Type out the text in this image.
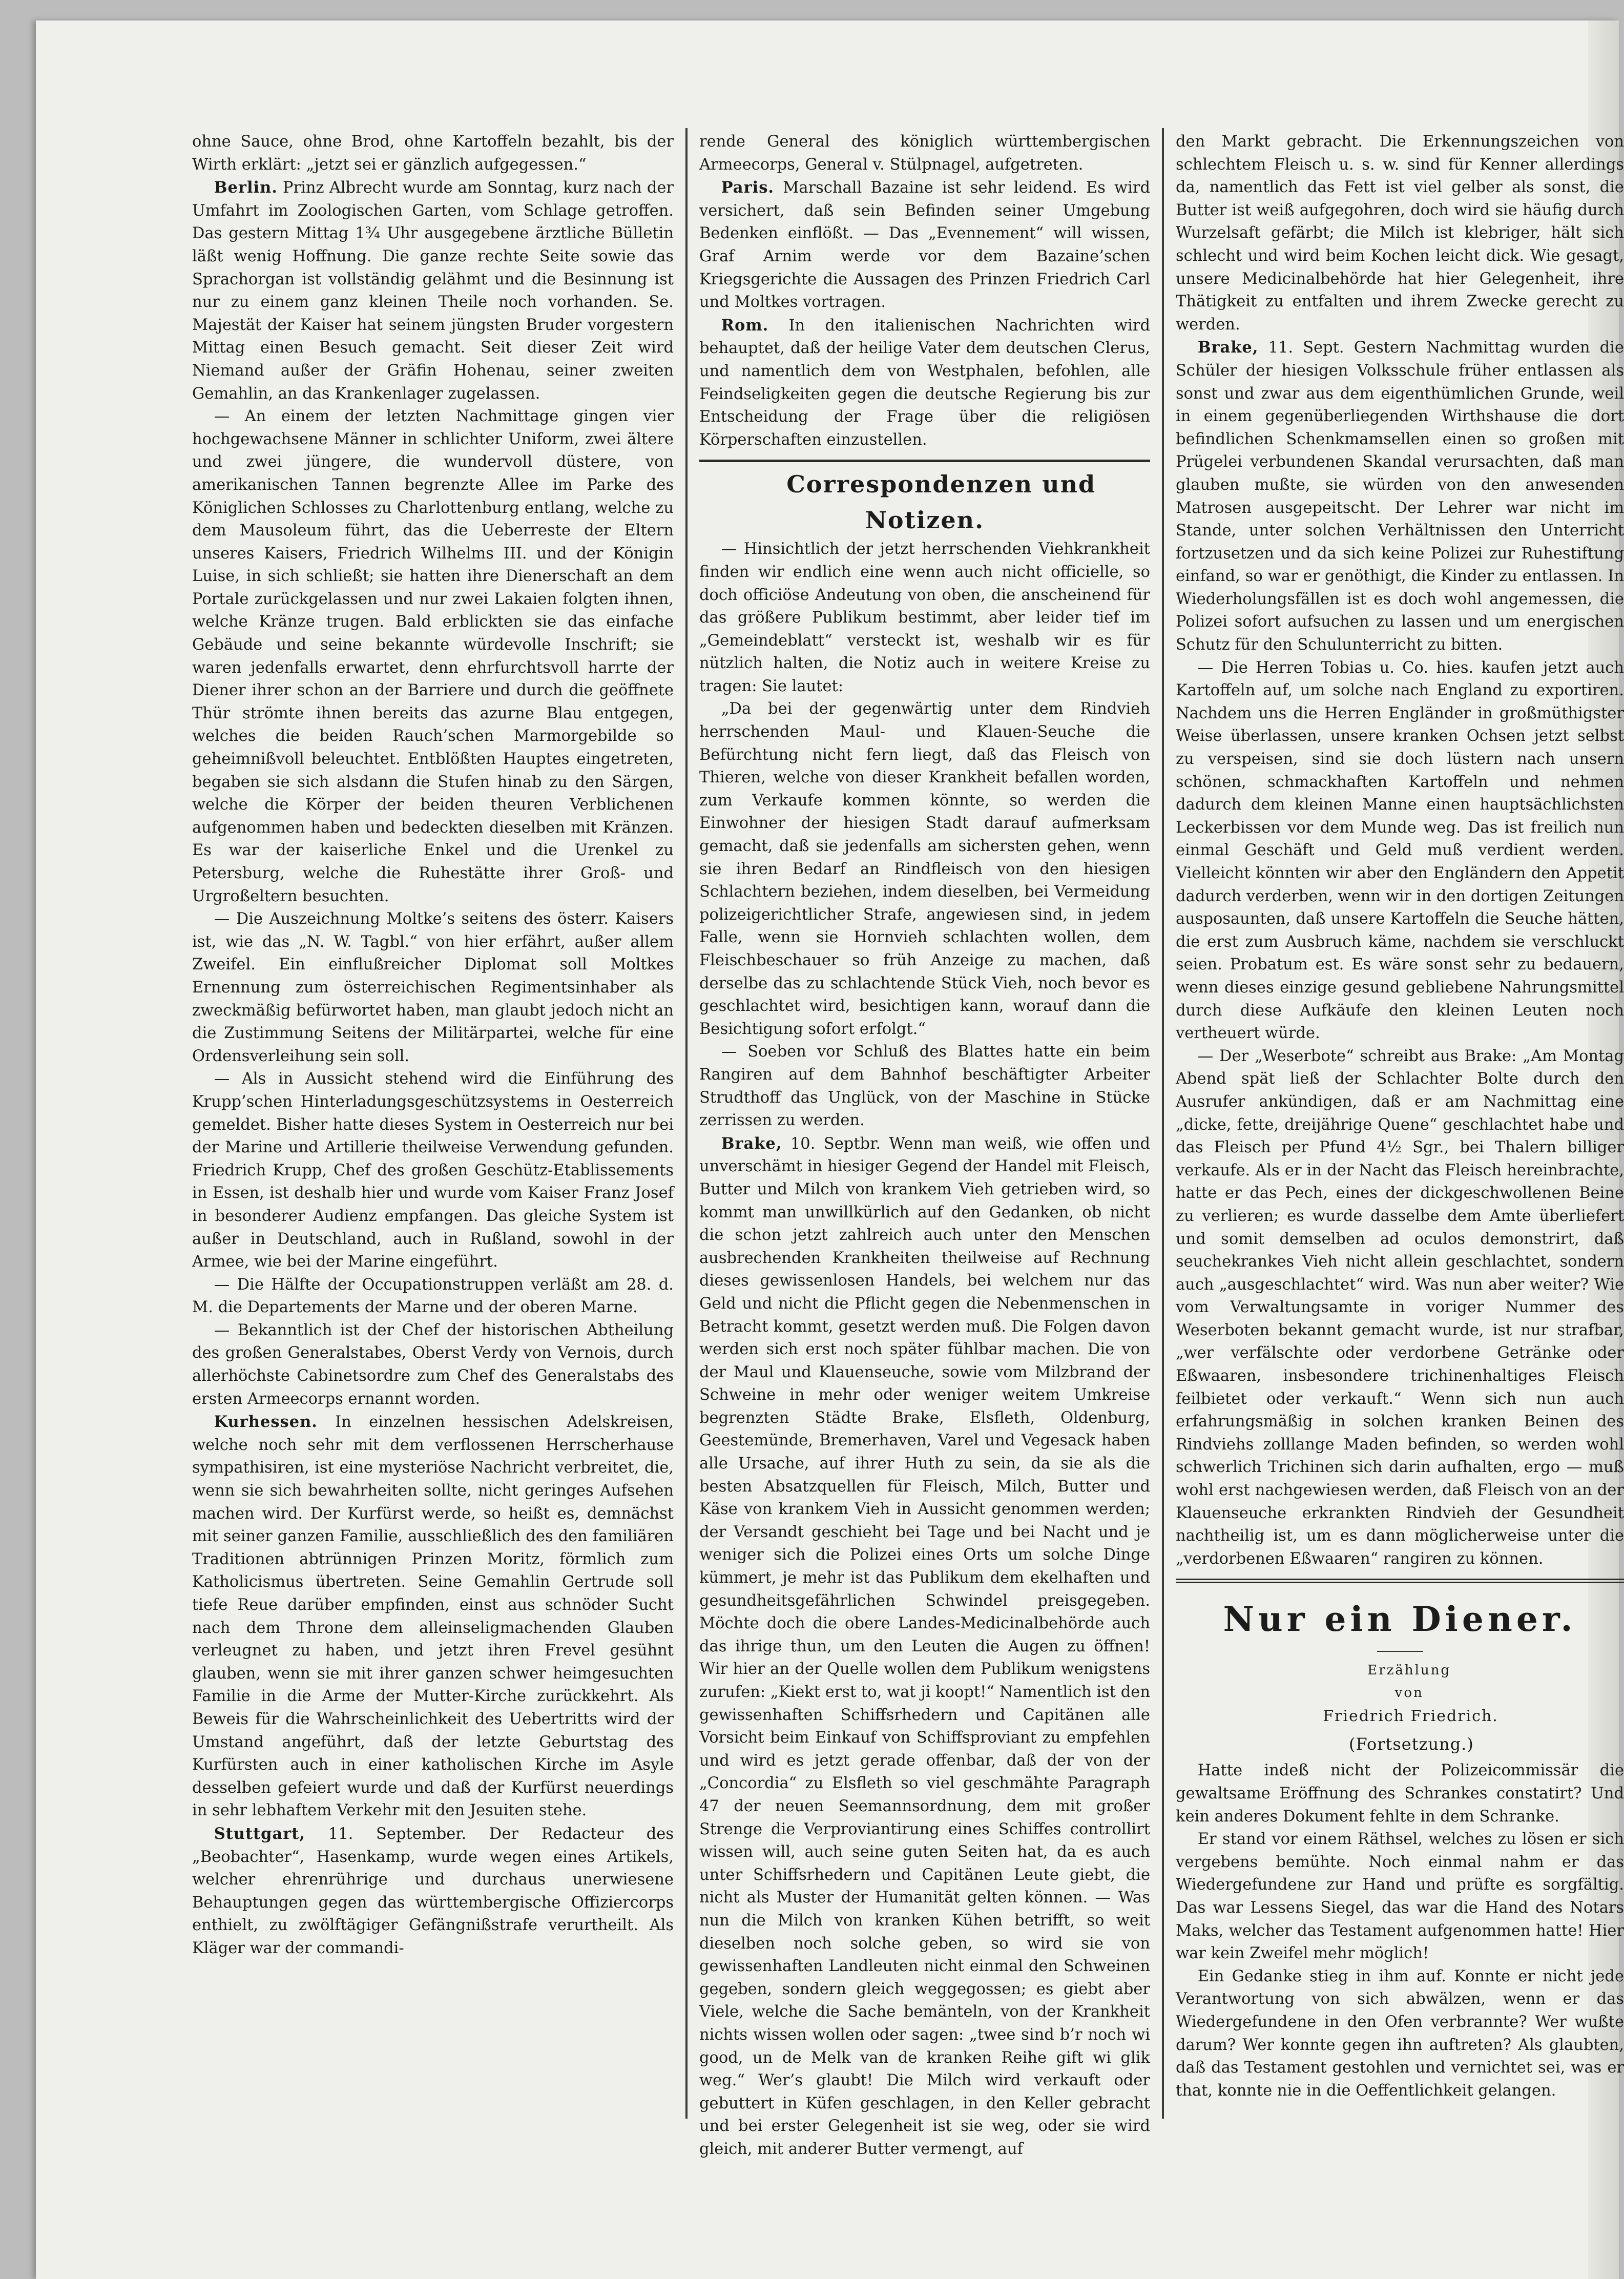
ohne Sauce, ohne Brod, ohne Kartoffeln bezahlt, bis der Wirth erklärt: „jetzt sei er gänzlich aufgegessen.“

Berlin. Prinz Albrecht wurde am Sonntag, kurz nach der Umfahrt im Zoologischen Garten, vom Schlage getroffen. Das gestern Mittag 1¾ Uhr ausgegebene ärztliche Bülletin läßt wenig Hoffnung. Die ganze rechte Seite sowie das Sprachorgan ist vollständig gelähmt und die Besinnung ist nur zu einem ganz kleinen Theile noch vorhanden. Se. Majestät der Kaiser hat seinem jüngsten Bruder vorgestern Mittag einen Besuch gemacht. Seit dieser Zeit wird Niemand außer der Gräfin Hohenau, seiner zweiten Gemahlin, an das Krankenlager zugelassen.

— An einem der letzten Nachmittage gingen vier hochgewachsene Männer in schlichter Uniform, zwei ältere und zwei jüngere, die wundervoll düstere, von amerikanischen Tannen begrenzte Allee im Parke des Königlichen Schlosses zu Charlottenburg entlang, welche zu dem Mausoleum führt, das die Ueberreste der Eltern unseres Kaisers, Friedrich Wilhelms III. und der Königin Luise, in sich schließt; sie hatten ihre Dienerschaft an dem Portale zurückgelassen und nur zwei Lakaien folgten ihnen, welche Kränze trugen. Bald erblickten sie das einfache Gebäude und seine bekannte würdevolle Inschrift; sie waren jedenfalls erwartet, denn ehrfurchtsvoll harrte der Diener ihrer schon an der Barriere und durch die geöffnete Thür strömte ihnen bereits das azurne Blau entgegen, welches die beiden Rauch’schen Marmorgebilde so geheimnißvoll beleuchtet. Entblößten Hauptes eingetreten, begaben sie sich alsdann die Stufen hinab zu den Särgen, welche die Körper der beiden theuren Verblichenen aufgenommen haben und bedeckten dieselben mit Kränzen. Es war der kaiserliche Enkel und die Urenkel zu Petersburg, welche die Ruhestätte ihrer Groß- und Urgroßeltern besuchten.

— Die Auszeichnung Moltke’s seitens des österr. Kaisers ist, wie das „N. W. Tagbl.“ von hier erfährt, außer allem Zweifel. Ein einflußreicher Diplomat soll Moltkes Ernennung zum österreichischen Regimentsinhaber als zweckmäßig befürwortet haben, man glaubt jedoch nicht an die Zustimmung Seitens der Militärpartei, welche für eine Ordensverleihung sein soll.

— Als in Aussicht stehend wird die Einführung des Krupp’schen Hinterladungsgeschützsystems in Oesterreich gemeldet. Bisher hatte dieses System in Oesterreich nur bei der Marine und Artillerie theilweise Verwendung gefunden. Friedrich Krupp, Chef des großen Geschütz-Etablissements in Essen, ist deshalb hier und wurde vom Kaiser Franz Josef in besonderer Audienz empfangen. Das gleiche System ist außer in Deutschland, auch in Rußland, sowohl in der Armee, wie bei der Marine eingeführt.

— Die Hälfte der Occupationstruppen verläßt am 28. d. M. die Departements der Marne und der oberen Marne.

— Bekanntlich ist der Chef der historischen Abtheilung des großen Generalstabes, Oberst Verdy von Vernois, durch allerhöchste Cabinetsordre zum Chef des Generalstabs des ersten Armeecorps ernannt worden.

Kurhessen. In einzelnen hessischen Adelskreisen, welche noch sehr mit dem verflossenen Herrscherhause sympathisiren, ist eine mysteriöse Nachricht verbreitet, die, wenn sie sich bewahrheiten sollte, nicht geringes Aufsehen machen wird. Der Kurfürst werde, so heißt es, demnächst mit seiner ganzen Familie, ausschließlich des den familiären Traditionen abtrünnigen Prinzen Moritz, förmlich zum Katholicismus übertreten. Seine Gemahlin Gertrude soll tiefe Reue darüber empfinden, einst aus schnöder Sucht nach dem Throne dem alleinseligmachenden Glauben verleugnet zu haben, und jetzt ihren Frevel gesühnt glauben, wenn sie mit ihrer ganzen schwer heimgesuchten Familie in die Arme der Mutter-Kirche zurückkehrt. Als Beweis für die Wahrscheinlichkeit des Uebertritts wird der Umstand angeführt, daß der letzte Geburtstag des Kurfürsten auch in einer katholischen Kirche im Asyle desselben gefeiert wurde und daß der Kurfürst neuerdings in sehr lebhaftem Verkehr mit den Jesuiten stehe.

Stuttgart, 11. September. Der Redacteur des „Beobachter“, Hasenkamp, wurde wegen eines Artikels, welcher ehrenrührige und durchaus unerwiesene Behauptungen gegen das württembergische Offiziercorps enthielt, zu zwölftägiger Gefängnißstrafe verurtheilt. Als Kläger war der commandi-

rende General des königlich württembergischen Armeecorps, General v. Stülpnagel, aufgetreten.

Paris. Marschall Bazaine ist sehr leidend. Es wird versichert, daß sein Befinden seiner Umgebung Bedenken einflößt. — Das „Evennement“ will wissen, Graf Arnim werde vor dem Bazaine’schen Kriegsgerichte die Aussagen des Prinzen Friedrich Carl und Moltkes vortragen.

Rom. In den italienischen Nachrichten wird behauptet, daß der heilige Vater dem deutschen Clerus, und namentlich dem von Westphalen, befohlen, alle Feindseligkeiten gegen die deutsche Regierung bis zur Entscheidung der Frage über die religiösen Körperschaften einzustellen.

Correspondenzen und Notizen.

— Hinsichtlich der jetzt herrschenden Viehkrankheit finden wir endlich eine wenn auch nicht officielle, so doch officiöse Andeutung von oben, die anscheinend für das größere Publikum bestimmt, aber leider tief im „Gemeindeblatt“ versteckt ist, weshalb wir es für nützlich halten, die Notiz auch in weitere Kreise zu tragen: Sie lautet:

„Da bei der gegenwärtig unter dem Rindvieh herrschenden Maul- und Klauen-Seuche die Befürchtung nicht fern liegt, daß das Fleisch von Thieren, welche von dieser Krankheit befallen worden, zum Verkaufe kommen könnte, so werden die Einwohner der hiesigen Stadt darauf aufmerksam gemacht, daß sie jedenfalls am sichersten gehen, wenn sie ihren Bedarf an Rindfleisch von den hiesigen Schlachtern beziehen, indem dieselben, bei Vermeidung polizeigerichtlicher Strafe, angewiesen sind, in jedem Falle, wenn sie Hornvieh schlachten wollen, dem Fleischbeschauer so früh Anzeige zu machen, daß derselbe das zu schlachtende Stück Vieh, noch bevor es geschlachtet wird, besichtigen kann, worauf dann die Besichtigung sofort erfolgt.“

— Soeben vor Schluß des Blattes hatte ein beim Rangiren auf dem Bahnhof beschäftigter Arbeiter Strudthoff das Unglück, von der Maschine in Stücke zerrissen zu werden.

Brake, 10. Septbr. Wenn man weiß, wie offen und unverschämt in hiesiger Gegend der Handel mit Fleisch, Butter und Milch von krankem Vieh getrieben wird, so kommt man unwillkürlich auf den Gedanken, ob nicht die schon jetzt zahlreich auch unter den Menschen ausbrechenden Krankheiten theilweise auf Rechnung dieses gewissenlosen Handels, bei welchem nur das Geld und nicht die Pflicht gegen die Nebenmenschen in Betracht kommt, gesetzt werden muß. Die Folgen davon werden sich erst noch später fühlbar machen. Die von der Maul und Klauenseuche, sowie vom Milzbrand der Schweine in mehr oder weniger weitem Umkreise begrenzten Städte Brake, Elsfleth, Oldenburg, Geestemünde, Bremerhaven, Varel und Vegesack haben alle Ursache, auf ihrer Huth zu sein, da sie als die besten Absatzquellen für Fleisch, Milch, Butter und Käse von krankem Vieh in Aussicht genommen werden; der Versandt geschieht bei Tage und bei Nacht und je weniger sich die Polizei eines Orts um solche Dinge kümmert, je mehr ist das Publikum dem ekelhaften und gesundheitsgefährlichen Schwindel preisgegeben. Möchte doch die obere Landes-Medicinalbehörde auch das ihrige thun, um den Leuten die Augen zu öffnen! Wir hier an der Quelle wollen dem Publikum wenigstens zurufen: „Kiekt erst to, wat ji koopt!“ Namentlich ist den gewissenhaften Schiffsrhedern und Capitänen alle Vorsicht beim Einkauf von Schiffsproviant zu empfehlen und wird es jetzt gerade offenbar, daß der von der „Concordia“ zu Elsfleth so viel geschmähte Paragraph 47 der neuen Seemannsordnung, dem mit großer Strenge die Verproviantirung eines Schiffes controllirt wissen will, auch seine guten Seiten hat, da es auch unter Schiffsrhedern und Capitänen Leute giebt, die nicht als Muster der Humanität gelten können. — Was nun die Milch von kranken Kühen betrifft, so weit dieselben noch solche geben, so wird sie von gewissenhaften Landleuten nicht einmal den Schweinen gegeben, sondern gleich weggegossen; es giebt aber Viele, welche die Sache bemänteln, von der Krankheit nichts wissen wollen oder sagen: „twee sind b’r noch wi good, un de Melk van de kranken Reihe gift wi glik weg.“ Wer’s glaubt! Die Milch wird verkauft oder gebuttert in Küfen geschlagen, in den Keller gebracht und bei erster Gelegenheit ist sie weg, oder sie wird gleich, mit anderer Butter vermengt, auf

den Markt gebracht. Die Erkennungszeichen von schlechtem Fleisch u. s. w. sind für Kenner allerdings da, namentlich das Fett ist viel gelber als sonst, die Butter ist weiß aufgegohren, doch wird sie häufig durch Wurzelsaft gefärbt; die Milch ist klebriger, hält sich schlecht und wird beim Kochen leicht dick. Wie gesagt, unsere Medicinalbehörde hat hier Gelegenheit, ihre Thätigkeit zu entfalten und ihrem Zwecke gerecht zu werden.

Brake, 11. Sept. Gestern Nachmittag wurden die Schüler der hiesigen Volksschule früher entlassen als sonst und zwar aus dem eigenthümlichen Grunde, weil in einem gegenüberliegenden Wirthshause die dort befindlichen Schenkmamsellen einen so großen mit Prügelei verbundenen Skandal verursachten, daß man glauben mußte, sie würden von den anwesenden Matrosen ausgepeitscht. Der Lehrer war nicht im Stande, unter solchen Verhältnissen den Unterricht fortzusetzen und da sich keine Polizei zur Ruhestiftung einfand, so war er genöthigt, die Kinder zu entlassen. In Wiederholungsfällen ist es doch wohl angemessen, die Polizei sofort aufsuchen zu lassen und um energischen Schutz für den Schulunterricht zu bitten.

— Die Herren Tobias u. Co. hies. kaufen jetzt auch Kartoffeln auf, um solche nach England zu exportiren. Nachdem uns die Herren Engländer in großmüthigster Weise überlassen, unsere kranken Ochsen jetzt selbst zu verspeisen, sind sie doch lüstern nach unsern schönen, schmackhaften Kartoffeln und nehmen dadurch dem kleinen Manne einen hauptsächlichsten Leckerbissen vor dem Munde weg. Das ist freilich nun einmal Geschäft und Geld muß verdient werden. Vielleicht könnten wir aber den Engländern den Appetit dadurch verderben, wenn wir in den dortigen Zeitungen ausposaunten, daß unsere Kartoffeln die Seuche hätten, die erst zum Ausbruch käme, nachdem sie verschluckt seien. Probatum est. Es wäre sonst sehr zu bedauern, wenn dieses einzige gesund gebliebene Nahrungsmittel durch diese Aufkäufe den kleinen Leuten noch vertheuert würde.

— Der „Weserbote“ schreibt aus Brake: „Am Montag Abend spät ließ der Schlachter Bolte durch den Ausrufer ankündigen, daß er am Nachmittag eine „dicke, fette, dreijährige Quene“ geschlachtet habe und das Fleisch per Pfund 4½ Sgr., bei Thalern billiger verkaufe. Als er in der Nacht das Fleisch hereinbrachte, hatte er das Pech, eines der dickgeschwollenen Beine zu verlieren; es wurde dasselbe dem Amte überliefert und somit demselben ad oculos demonstrirt, daß seuchekrankes Vieh nicht allein geschlachtet, sondern auch „ausgeschlachtet“ wird. Was nun aber weiter? Wie vom Verwaltungsamte in voriger Nummer des Weserboten bekannt gemacht wurde, ist nur strafbar, „wer verfälschte oder verdorbene Getränke oder Eßwaaren, insbesondere trichinenhaltiges Fleisch feilbietet oder verkauft.“ Wenn sich nun auch erfahrungsmäßig in solchen kranken Beinen des Rindviehs zolllange Maden befinden, so werden wohl schwerlich Trichinen sich darin aufhalten, ergo — muß wohl erst nachgewiesen werden, daß Fleisch von an der Klauenseuche erkrankten Rindvieh der Gesundheit nachtheilig ist, um es dann möglicherweise unter die „verdorbenen Eßwaaren“ rangiren zu können.

Nur ein Diener.

Erzählung

von

Friedrich Friedrich.

(Fortsetzung.)

Hatte indeß nicht der Polizeicommissär die gewaltsame Eröffnung des Schrankes constatirt? Und kein anderes Dokument fehlte in dem Schranke.

Er stand vor einem Räthsel, welches zu lösen er sich vergebens bemühte. Noch einmal nahm er das Wiedergefundene zur Hand und prüfte es sorgfältig. Das war Lessens Siegel, das war die Hand des Notars Maks, welcher das Testament aufgenommen hatte! Hier war kein Zweifel mehr möglich!

Ein Gedanke stieg in ihm auf. Konnte er nicht jede Verantwortung von sich abwälzen, wenn er das Wiedergefundene in den Ofen verbrannte? Wer wußte darum? Wer konnte gegen ihn auftreten? Als glaubten, daß das Testament gestohlen und vernichtet sei, was er that, konnte nie in die Oeffentlichkeit gelangen.
